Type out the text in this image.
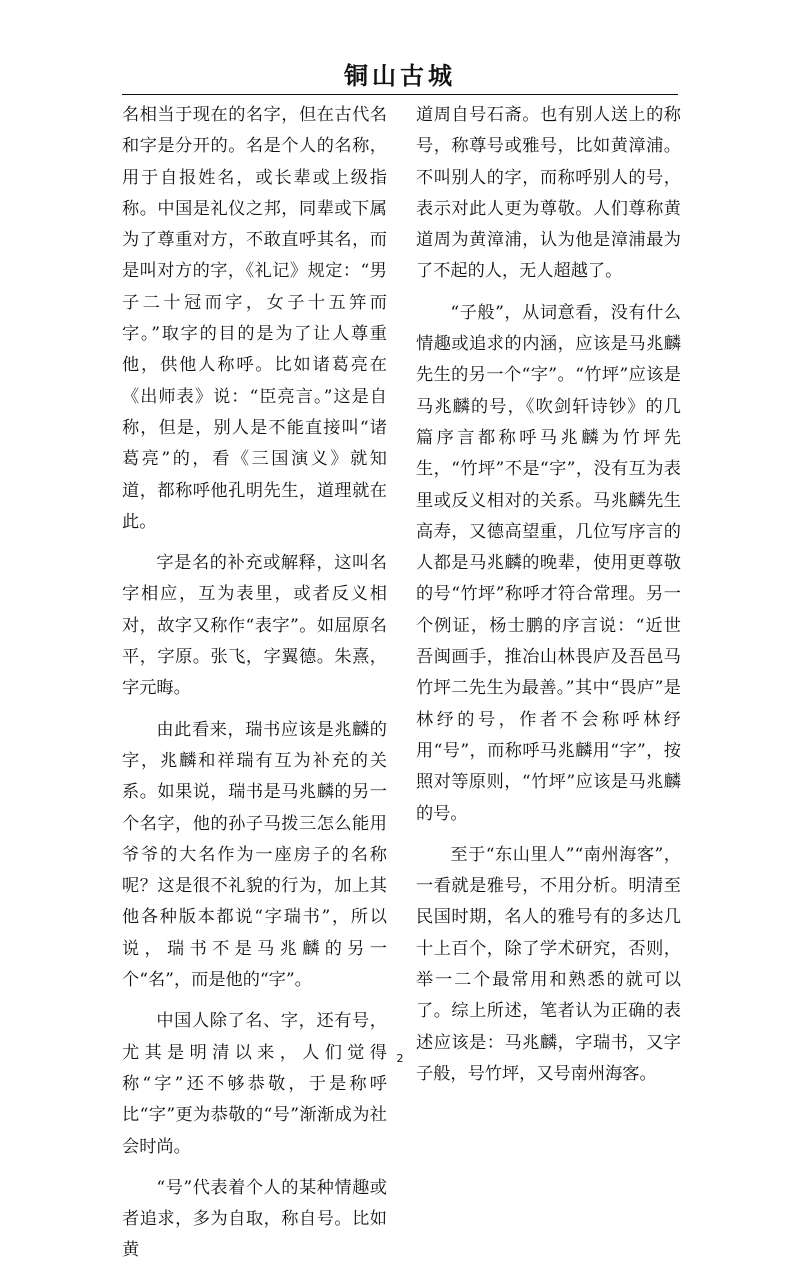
铜山古城

名相当于现在的名字，但在古代名和字是分开的。名是个人的名称，用于自报姓名，或长辈或上级指称。中国是礼仪之邦，同辈或下属为了尊重对方，不敢直呼其名，而是叫对方的字，《礼记》规定：“男子二十冠而字，女子十五笄而字。”取字的目的是为了让人尊重他，供他人称呼。比如诸葛亮在《出师表》说：“臣亮言。”这是自称，但是，别人是不能直接叫“诸葛亮”的，看《三国演义》就知道，都称呼他孔明先生，道理就在此。

字是名的补充或解释，这叫名字相应，互为表里，或者反义相对，故字又称作“表字”。如屈原名平，字原。张飞，字翼德。朱熹，字元晦。

由此看来，瑞书应该是兆麟的字，兆麟和祥瑞有互为补充的关系。如果说，瑞书是马兆麟的另一个名字，他的孙子马拨三怎么能用爷爷的大名作为一座房子的名称呢？这是很不礼貌的行为，加上其他各种版本都说“字瑞书”，所以说，瑞书不是马兆麟的另一个“名”，而是他的“字”。

中国人除了名、字，还有号，尤其是明清以来，人们觉得称“字”还不够恭敬，于是称呼比“字”更为恭敬的“号”渐渐成为社会时尚。

“号”代表着个人的某种情趣或者追求，多为自取，称自号。比如黄

道周自号石斋。也有别人送上的称号，称尊号或雅号，比如黄漳浦。不叫别人的字，而称呼别人的号，表示对此人更为尊敬。人们尊称黄道周为黄漳浦，认为他是漳浦最为了不起的人，无人超越了。

“子般”，从词意看，没有什么情趣或追求的内涵，应该是马兆麟先生的另一个“字”。“竹坪”应该是马兆麟的号，《吹剑轩诗钞》的几篇序言都称呼马兆麟为竹坪先生，“竹坪”不是“字”，没有互为表里或反义相对的关系。马兆麟先生高寿，又德高望重，几位写序言的人都是马兆麟的晚辈，使用更尊敬的号“竹坪”称呼才符合常理。另一个例证，杨士鹏的序言说：“近世吾闽画手，推冶山林畏庐及吾邑马竹坪二先生为最善。”其中“畏庐”是林纾的号，作者不会称呼林纾用“号”，而称呼马兆麟用“字”，按照对等原则，“竹坪”应该是马兆麟的号。

至于“东山里人”“南州海客”，一看就是雅号，不用分析。明清至民国时期，名人的雅号有的多达几十上百个，除了学术研究，否则，举一二个最常用和熟悉的就可以了。综上所述，笔者认为正确的表述应该是：马兆麟，字瑞书，又字子般，号竹坪，又号南州海客。

2
